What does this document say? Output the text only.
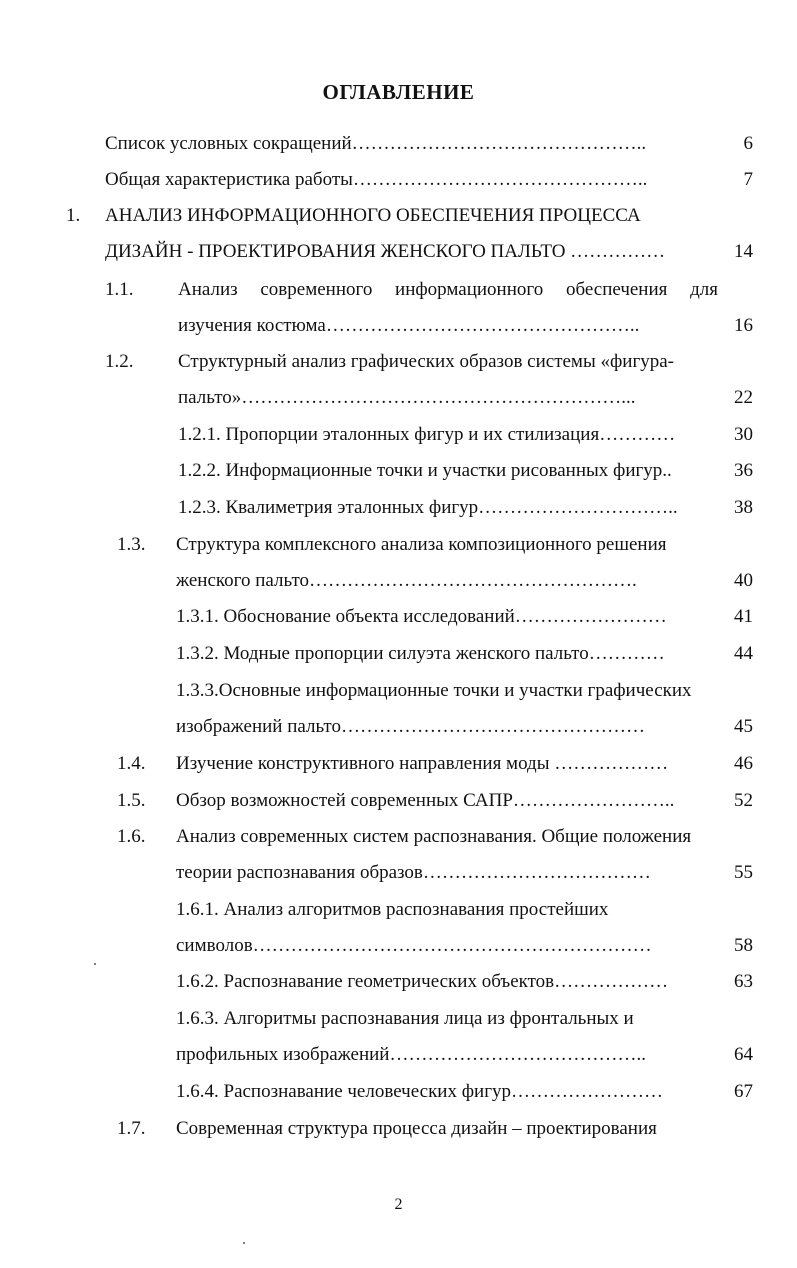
ОГЛАВЛЕНИЕ
Список условных сокращений………………………………………..	6
Общая характеристика работы………………………………………..	7
1. АНАЛИЗ ИНФОРМАЦИОННОГО ОБЕСПЕЧЕНИЯ ПРОЦЕССА
ДИЗАЙН - ПРОЕКТИРОВАНИЯ ЖЕНСКОГО ПАЛЬТО ……………	14
1.1. Анализ современного информационного обеспечения для
изучения костюма…………………………………………..	16
1.2. Структурный анализ графических образов системы «фигура-
пальто»……………………………………………………...	22
1.2.1. Пропорции эталонных фигур и их стилизация…………	30
1.2.2. Информационные точки и участки рисованных фигур..	36
1.2.3. Квалиметрия эталонных фигур…………………………..	38
1.3. Структура комплексного анализа композиционного решения
женского пальто…………………………………………….	40
1.3.1. Обоснование объекта исследований……………………	41
1.3.2. Модные пропорции силуэта женского пальто…………	44
1.3.3.Основные информационные точки и участки графических
изображений пальто…………………………………………	45
1.4. Изучение конструктивного направления моды ………………	46
1.5. Обзор возможностей современных САПР……………………..	52
1.6. Анализ современных систем распознавания. Общие положения
теории распознавания образов………………………………	55
1.6.1. Анализ алгоритмов распознавания простейших
символов………………………………………………………	58
1.6.2. Распознавание геометрических объектов………………	63
1.6.3. Алгоритмы распознавания лица из фронтальных и
профильных изображений…………………………………..	64
1.6.4. Распознавание человеческих фигур……………………	67
1.7. Современная структура процесса дизайн – проектирования
2
